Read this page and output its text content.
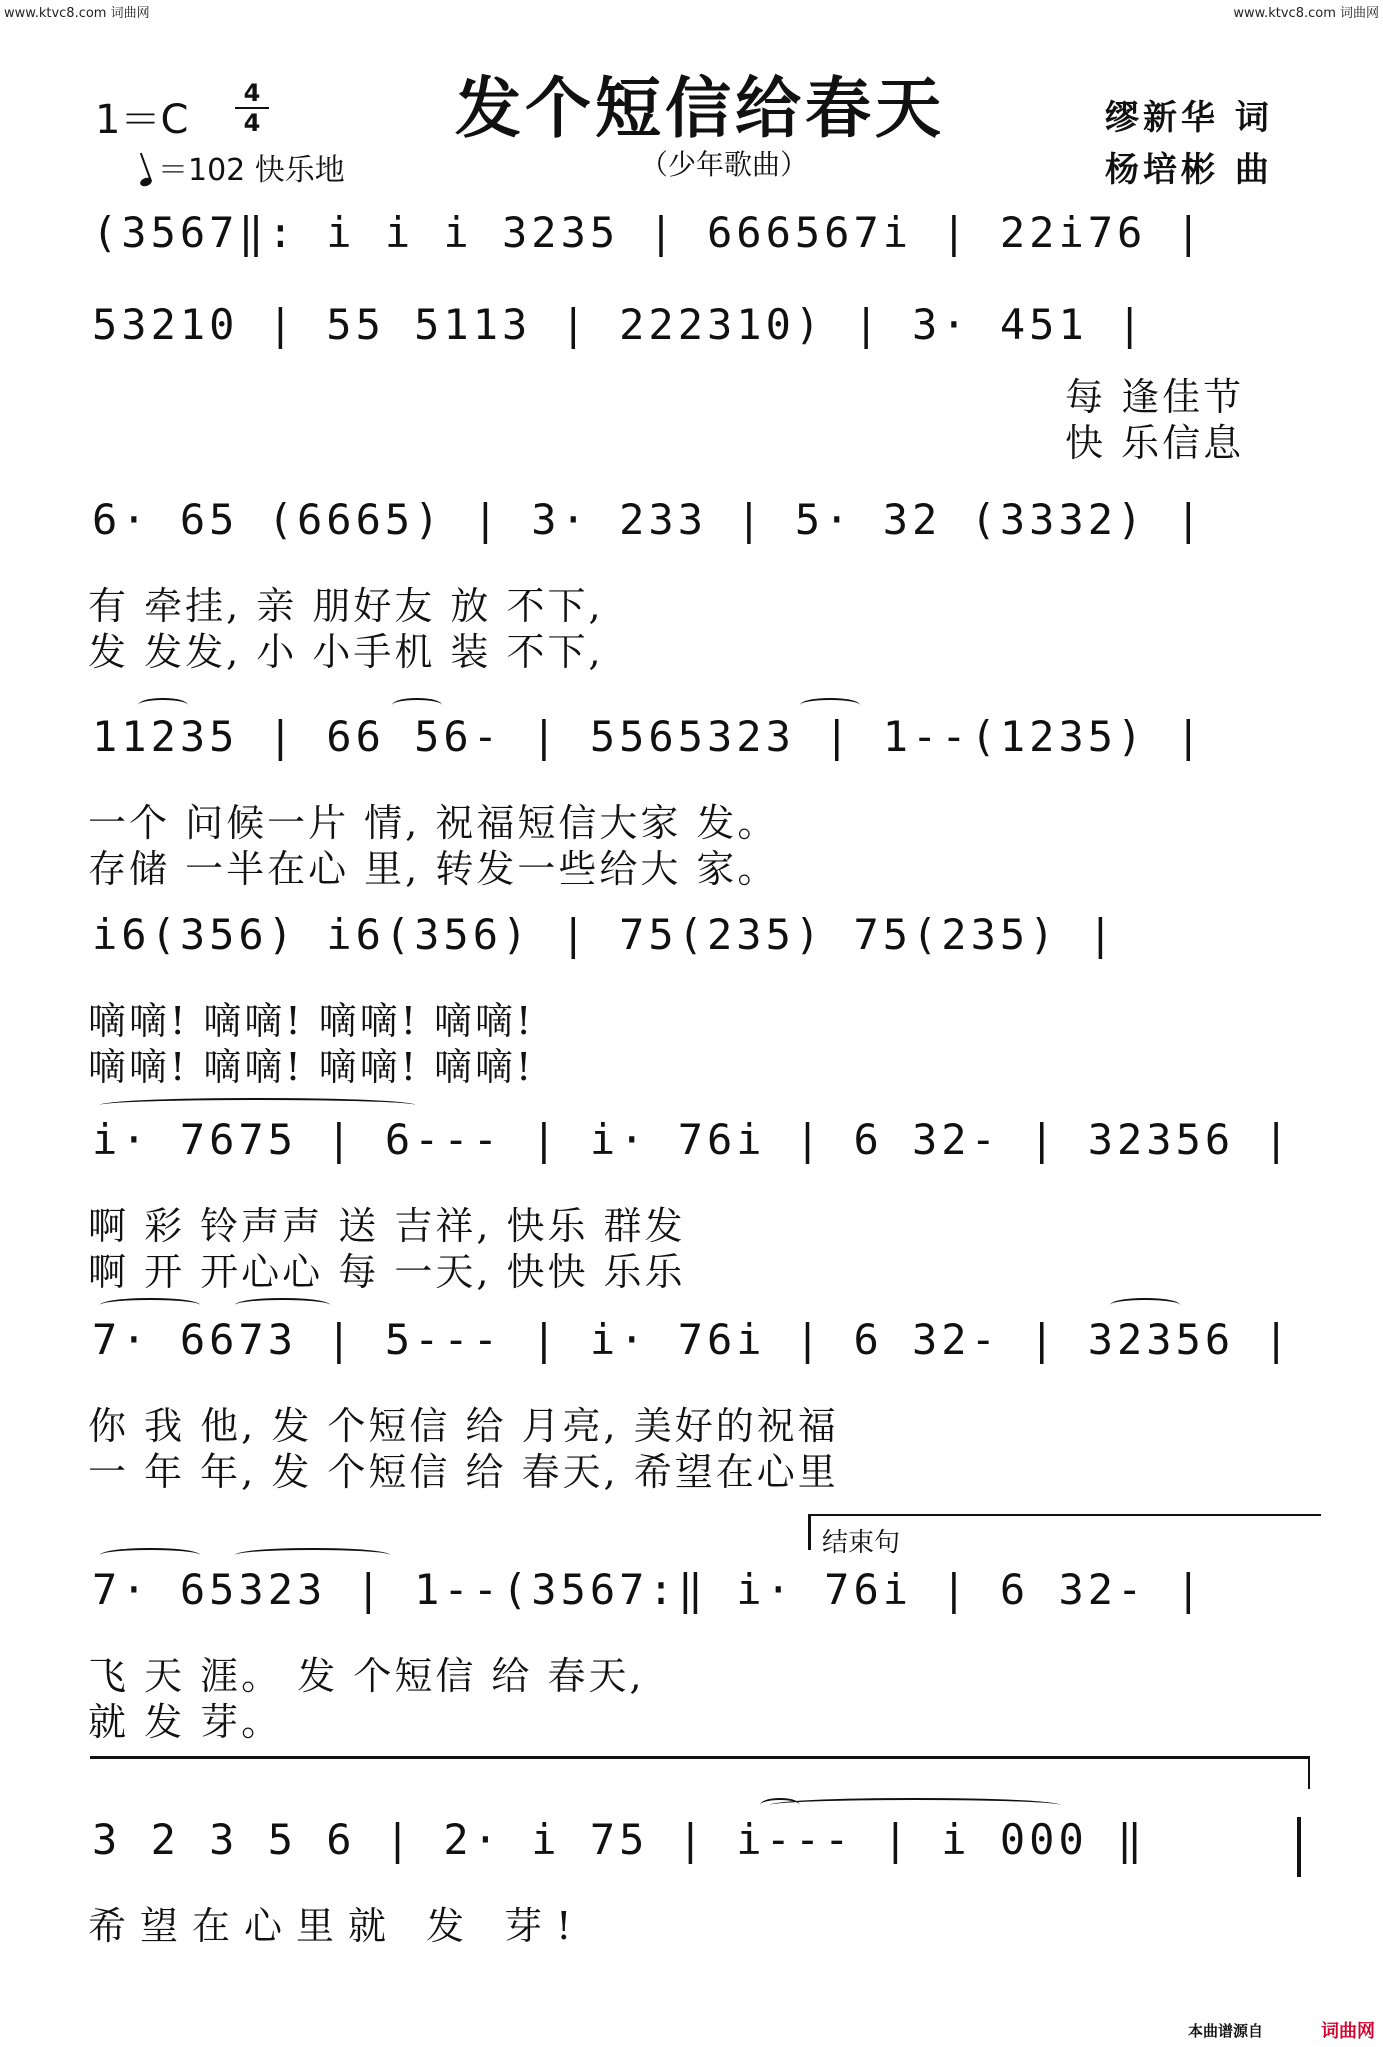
www.ktvc8.com 词曲网	www.ktvc8.com 词曲网
1＝C
4
4
＝102 快乐地
发个短信给春天
（少年歌曲）
缪新华 词
杨培彬 曲
(3567‖: i i i 3235 | 666567i | 22i76 |
53210 | 55 5113 | 222310) | 3· 451 |
每 逢佳节
快 乐信息
6· 65 (6665) | 3· 233 | 5· 32 (3332) |
有 牵挂, 亲 朋好友 放 不下,
发 发发, 小 小手机 装 不下,
11235 | 66 56- | 5565323 | 1--(1235) |
一个 问候一片 情, 祝福短信大家 发。
存储 一半在心 里, 转发一些给大 家。
i6(356) i6(356) | 75(235) 75(235) |
嘀嘀! 嘀嘀! 嘀嘀! 嘀嘀!
嘀嘀! 嘀嘀! 嘀嘀! 嘀嘀!
i· 7675 | 6--- | i· 76i | 6 32- | 32356 |
啊 彩 铃声声 送 吉祥, 快乐 群发
啊 开 开心心 每 一天, 快快 乐乐
7· 6673 | 5--- | i· 76i | 6 32- | 32356 |
你 我 他, 发 个短信 给 月亮, 美好的祝福
一 年 年, 发 个短信 给 春天, 希望在心里
结束句
7· 65323 | 1--(3567:‖ i· 76i | 6 32- |
飞 天 涯。 发 个短信 给 春天,
就 发 芽。
3 2 3 5 6 | 2· i 75 | i--- | i 000 ‖
希望在心里就 发 芽!
本曲谱源自	词曲网
